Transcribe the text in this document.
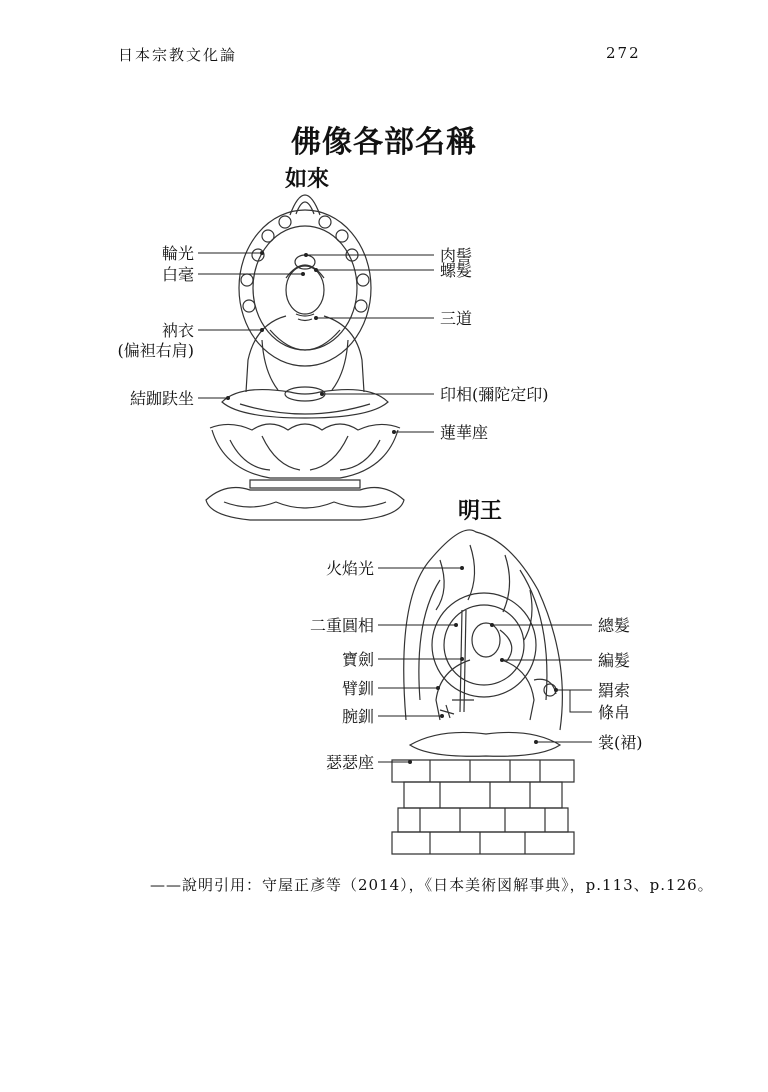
日本宗教文化論	272
佛像各部名稱
如來
明王
輪光
白毫
衲衣
(偏袒右肩)
結跏趺坐
肉髻
螺髮
三道
印相(彌陀定印)
蓮華座
火焰光
二重圓相
寶劍
臂釧
腕釧
瑟瑟座
總髮
編髮
羂索
條帛
裳(裙)
——說明引用：守屋正彥等（2014），《日本美術図解事典》，p.113、p.126。
